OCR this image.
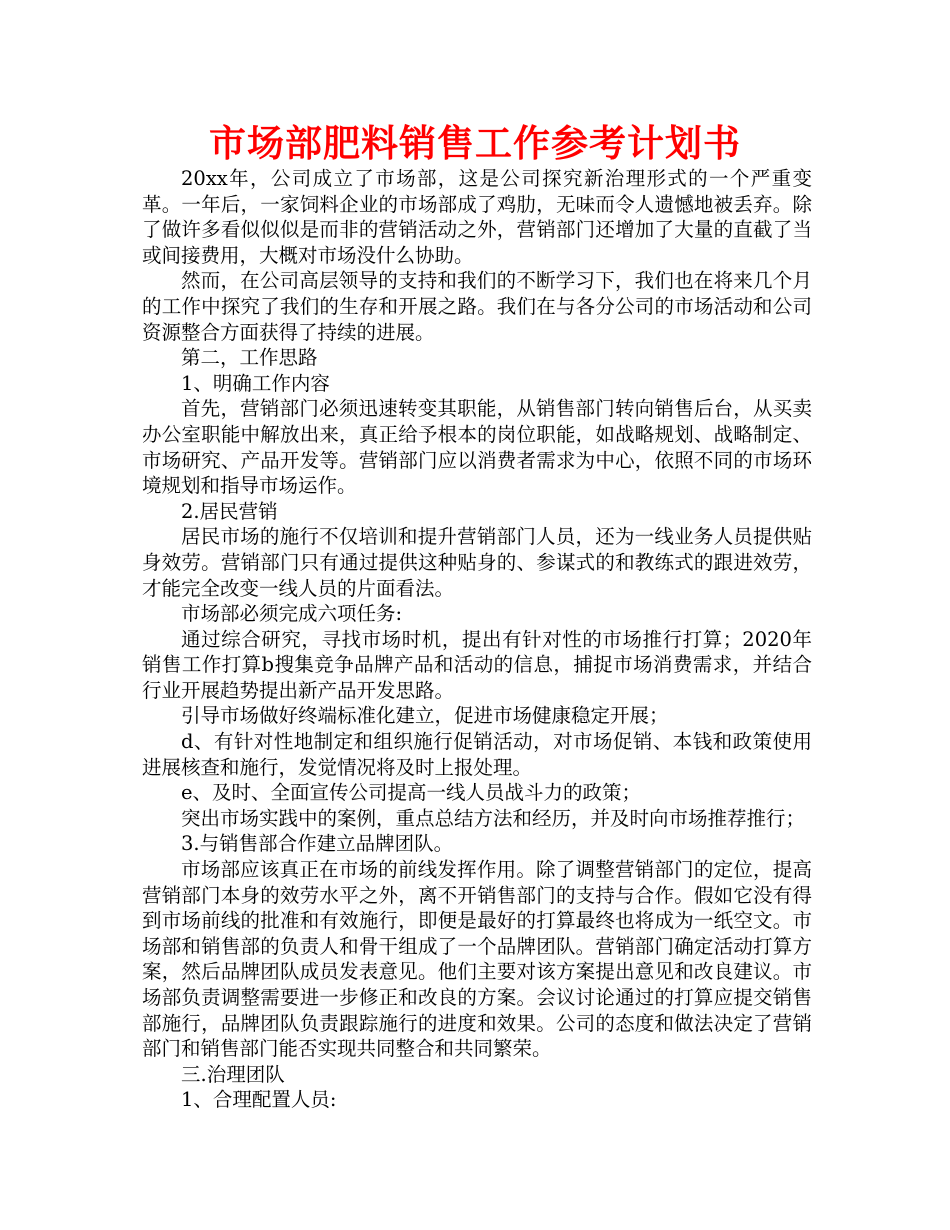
市场部肥料销售工作参考计划书

20xx年，公司成立了市场部，这是公司探究新治理形式的一个严重变革。一年后，一家饲料企业的市场部成了鸡肋，无味而令人遗憾地被丢弃。除了做许多看似似似是而非的营销活动之外，营销部门还增加了大量的直截了当或间接费用，大概对市场没什么协助。

然而，在公司高层领导的支持和我们的不断学习下，我们也在将来几个月的工作中探究了我们的生存和开展之路。我们在与各分公司的市场活动和公司资源整合方面获得了持续的进展。

第二，工作思路

1、明确工作内容

首先，营销部门必须迅速转变其职能，从销售部门转向销售后台，从买卖办公室职能中解放出来，真正给予根本的岗位职能，如战略规划、战略制定、市场研究、产品开发等。营销部门应以消费者需求为中心，依照不同的市场环境规划和指导市场运作。

2.居民营销

居民市场的施行不仅培训和提升营销部门人员，还为一线业务人员提供贴身效劳。营销部门只有通过提供这种贴身的、参谋式的和教练式的跟进效劳，才能完全改变一线人员的片面看法。

市场部必须完成六项任务:

通过综合研究，寻找市场时机，提出有针对性的市场推行打算；2020年销售工作打算b搜集竞争品牌产品和活动的信息，捕捉市场消费需求，并结合行业开展趋势提出新产品开发思路。

引导市场做好终端标准化建立，促进市场健康稳定开展；

d、有针对性地制定和组织施行促销活动，对市场促销、本钱和政策使用进展核查和施行，发觉情况将及时上报处理。

e、及时、全面宣传公司提高一线人员战斗力的政策；

突出市场实践中的案例，重点总结方法和经历，并及时向市场推荐推行；

3.与销售部合作建立品牌团队。

市场部应该真正在市场的前线发挥作用。除了调整营销部门的定位，提高营销部门本身的效劳水平之外，离不开销售部门的支持与合作。假如它没有得到市场前线的批准和有效施行，即便是最好的打算最终也将成为一纸空文。市场部和销售部的负责人和骨干组成了一个品牌团队。营销部门确定活动打算方案，然后品牌团队成员发表意见。他们主要对该方案提出意见和改良建议。市场部负责调整需要进一步修正和改良的方案。会议讨论通过的打算应提交销售部施行，品牌团队负责跟踪施行的进度和效果。公司的态度和做法决定了营销部门和销售部门能否实现共同整合和共同繁荣。

三.治理团队

1、合理配置人员:
